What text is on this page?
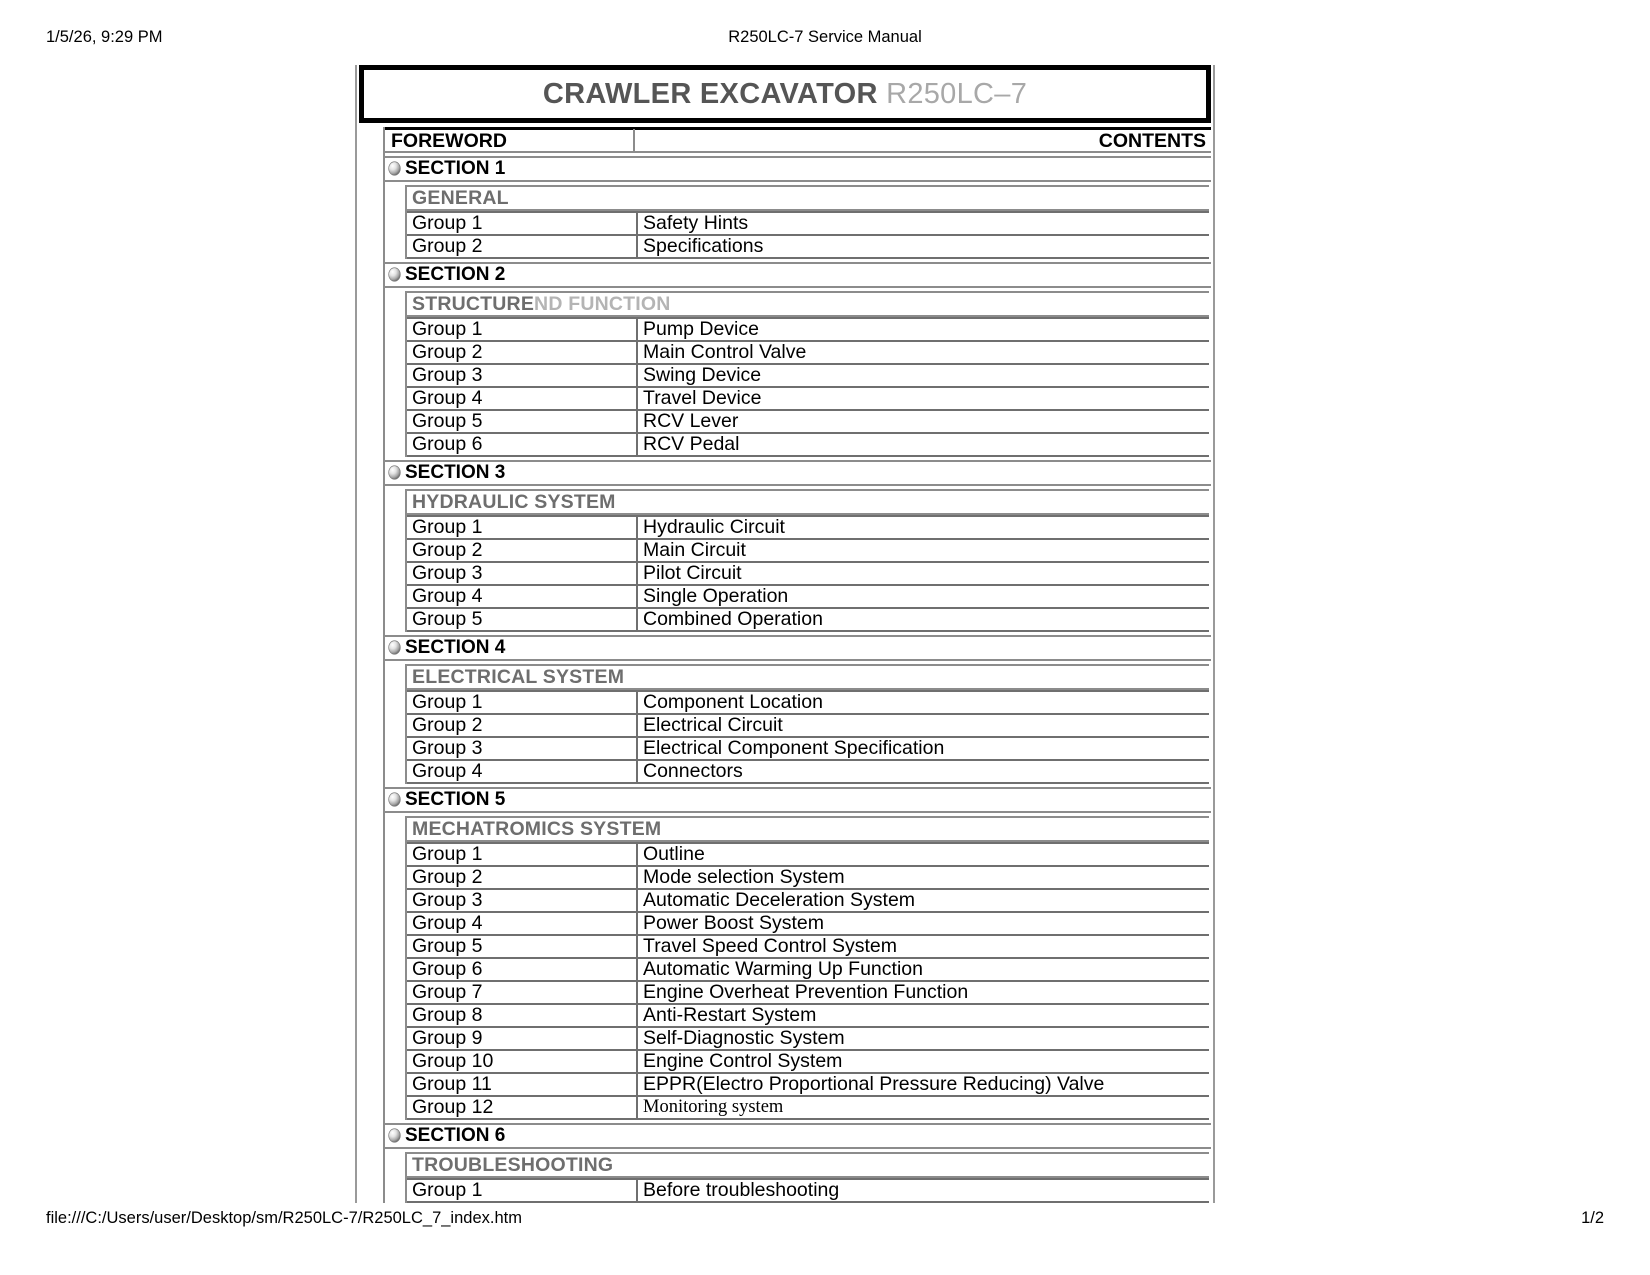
1/5/26, 9:29 PM	R250LC-7 Service Manual
CRAWLER EXCAVATOR R250LC–7
FOREWORD	CONTENTS
SECTION 1
GENERAL
Group 1	Safety Hints
Group 2	Specifications
SECTION 2
STRUCTUREND FUNCTION
Group 1	Pump Device
Group 2	Main Control Valve
Group 3	Swing Device
Group 4	Travel Device
Group 5	RCV Lever
Group 6	RCV Pedal
SECTION 3
HYDRAULIC SYSTEM
Group 1	Hydraulic Circuit
Group 2	Main Circuit
Group 3	Pilot Circuit
Group 4	Single Operation
Group 5	Combined Operation
SECTION 4
ELECTRICAL SYSTEM
Group 1	Component Location
Group 2	Electrical Circuit
Group 3	Electrical Component Specification
Group 4	Connectors
SECTION 5
MECHATROMICS SYSTEM
Group 1	Outline
Group 2	Mode selection System
Group 3	Automatic Deceleration System
Group 4	Power Boost System
Group 5	Travel Speed Control System
Group 6	Automatic Warming Up Function
Group 7	Engine Overheat Prevention Function
Group 8	Anti-Restart System
Group 9	Self-Diagnostic System
Group 10	Engine Control System
Group 11	EPPR(Electro Proportional Pressure Reducing) Valve
Group 12	Monitoring system
SECTION 6
TROUBLESHOOTING
Group 1	Before troubleshooting
file:///C:/Users/user/Desktop/sm/R250LC-7/R250LC_7_index.htm	1/2
